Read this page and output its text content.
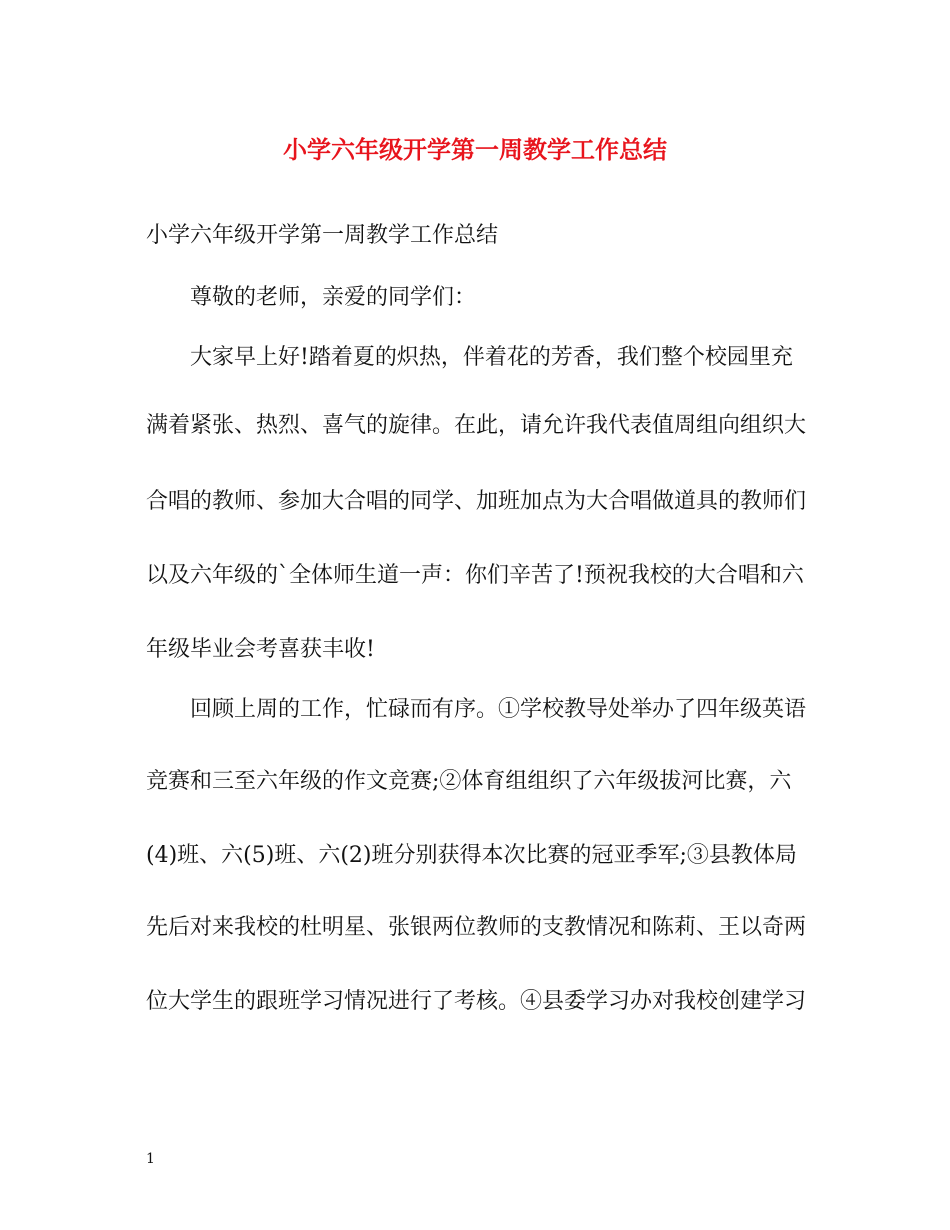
小学六年级开学第一周教学工作总结

小学六年级开学第一周教学工作总结

尊敬的老师，亲爱的同学们：

大家早上好!踏着夏的炽热，伴着花的芳香，我们整个校园里充

满着紧张、热烈、喜气的旋律。在此，请允许我代表值周组向组织大

合唱的教师、参加大合唱的同学、加班加点为大合唱做道具的教师们

以及六年级的`全体师生道一声：你们辛苦了!预祝我校的大合唱和六

年级毕业会考喜获丰收!

回顾上周的工作，忙碌而有序。①学校教导处举办了四年级英语

竞赛和三至六年级的作文竞赛;②体育组组织了六年级拔河比赛，六

(4)班、六(5)班、六(2)班分别获得本次比赛的冠亚季军;③县教体局

先后对来我校的杜明星、张银两位教师的支教情况和陈莉、王以奇两

位大学生的跟班学习情况进行了考核。④县委学习办对我校创建学习

1
